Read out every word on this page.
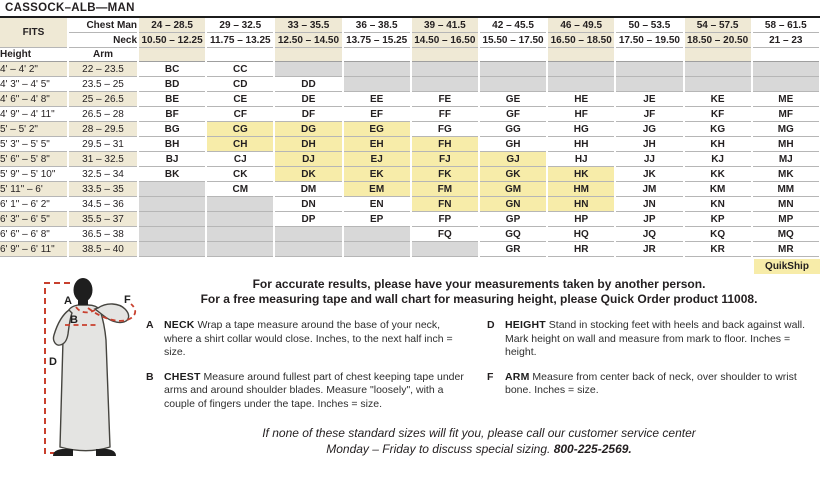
CASSOCK–ALB—MAN
FITS	Chest Man	24 – 28.5	29 – 32.5	33 – 35.5	36 – 38.5	39 – 41.5	42 – 45.5	46 – 49.5	50 – 53.5	54 – 57.5	58 – 61.5
	Neck	10.50 – 12.25	11.75 – 13.25	12.50 – 14.50	13.75 – 15.25	14.50 – 16.50	15.50 – 17.50	16.50 – 18.50	17.50 – 19.50	18.50 – 20.50	21 – 23
Height	Arm										
4' – 4' 2"	22 – 23.5	BC	CC								
4' 3" – 4' 5"	23.5 – 25	BD	CD	DD							
4' 6" – 4' 8"	25 – 26.5	BE	CE	DE	EE	FE	GE	HE	JE	KE	ME
4' 9" – 4' 11"	26.5 – 28	BF	CF	DF	EF	FF	GF	HF	JF	KF	MF
5' – 5' 2"	28 – 29.5	BG	CG	DG	EG	FG	GG	HG	JG	KG	MG
5' 3" – 5' 5"	29.5 – 31	BH	CH	DH	EH	FH	GH	HH	JH	KH	MH
5' 6" – 5' 8"	31 – 32.5	BJ	CJ	DJ	EJ	FJ	GJ	HJ	JJ	KJ	MJ
5' 9" – 5' 10"	32.5 – 34	BK	CK	DK	EK	FK	GK	HK	JK	KK	MK
5' 11" – 6'	33.5 – 35		CM	DM	EM	FM	GM	HM	JM	KM	MM
6' 1" – 6' 2"	34.5 – 36			DN	EN	FN	GN	HN	JN	KN	MN
6' 3" – 6' 5"	35.5 – 37			DP	EP	FP	GP	HP	JP	KP	MP
6' 6" – 6' 8"	36.5 – 38					FQ	GQ	HQ	JQ	KQ	MQ
6' 9" – 6' 11"	38.5 – 40						GR	HR	JR	KR	MR
QuikShip
A
B
D
F
For accurate results, please have your measurements taken by another person.
For a free measuring tape and wall chart for measuring height, please Quick Order product 11008.
A NECK Wrap a tape measure around the base of your neck, where a shirt collar would close. Inches, to the next half inch = size.
B CHEST Measure around fullest part of chest keeping tape under arms and around shoulder blades. Measure "loosely", with a couple of fingers under the tape. Inches = size.
D HEIGHT Stand in stocking feet with heels and back against wall. Mark height on wall and measure from mark to floor. Inches = height.
F	ARM Measure from center back of neck, over shoulder to wrist bone. Inches = size.
If none of these standard sizes will fit you, please call our customer service center
Monday – Friday to discuss special sizing. 800-225-2569.
